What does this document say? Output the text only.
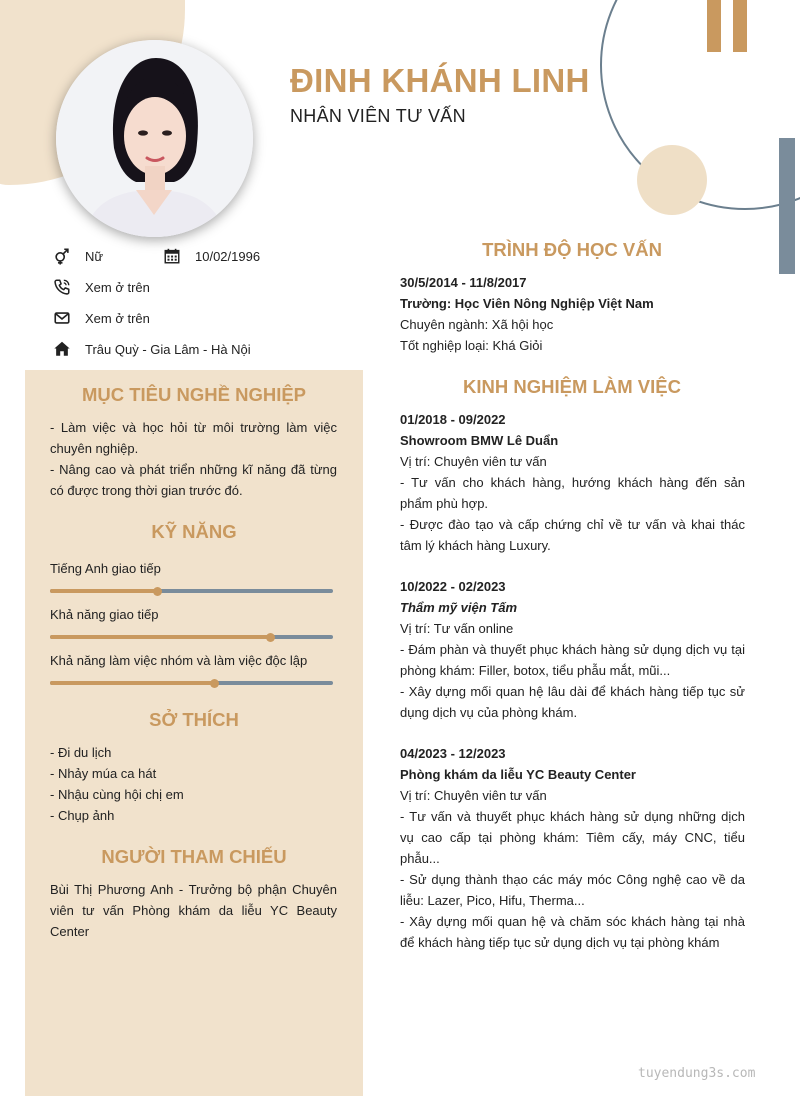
ĐINH KHÁNH LINH
NHÂN VIÊN TƯ VẤN
Nữ	10/02/1996
Xem ở trên
Xem ở trên
Trâu Quỳ - Gia Lâm - Hà Nội
MỤC TIÊU NGHỀ NGHIỆP
- Làm việc và học hỏi từ môi trường làm việc chuyên nghiệp.
- Nâng cao và phát triển những kĩ năng đã từng có được trong thời gian trước đó.
KỸ NĂNG
Tiếng Anh giao tiếp
Khả năng giao tiếp
Khả năng làm việc nhóm và làm việc độc lập
SỞ THÍCH
- Đi du lịch
- Nhảy múa ca hát
- Nhậu cùng hội chị em
- Chụp ảnh
NGƯỜI THAM CHIẾU
Bùi Thị Phương Anh - Trưởng bộ phận Chuyên viên tư vấn Phòng khám da liễu YC Beauty Center
TRÌNH ĐỘ HỌC VẤN
30/5/2014 - 11/8/2017
Trường: Học Viên Nông Nghiệp Việt Nam
Chuyên ngành: Xã hội học
Tốt nghiệp loại: Khá Giỏi
KINH NGHIỆM LÀM VIỆC
01/2018 - 09/2022
Showroom BMW Lê Duẩn
Vị trí: Chuyên viên tư vấn
- Tư vấn cho khách hàng, hướng khách hàng đến sản phẩm phù hợp.
- Được đào tạo và cấp chứng chỉ về tư vấn và khai thác tâm lý khách hàng Luxury.
10/2022 - 02/2023
Thẩm mỹ viện Tấm
Vị trí: Tư vấn online
- Đám phàn và thuyết phục khách hàng sử dụng dịch vụ tại phòng khám: Filler, botox, tiểu phẫu mắt, mũi...
- Xây dựng mối quan hệ lâu dài để khách hàng tiếp tục sử dụng dịch vụ của phòng khám.
04/2023 - 12/2023
Phòng khám da liễu YC Beauty Center
Vị trí: Chuyên viên tư vấn
- Tư vấn và thuyết phục khách hàng sử dụng những dịch vụ cao cấp tại phòng khám: Tiêm cấy, máy CNC, tiểu phẫu...
- Sử dụng thành thạo các máy móc Công nghệ cao về da liễu: Lazer, Pico, Hifu, Therma...
- Xây dựng mối quan hệ và chăm sóc khách hàng tại nhà để khách hàng tiếp tục sử dụng dịch vụ tại phòng khám
tuyendung3s.com
